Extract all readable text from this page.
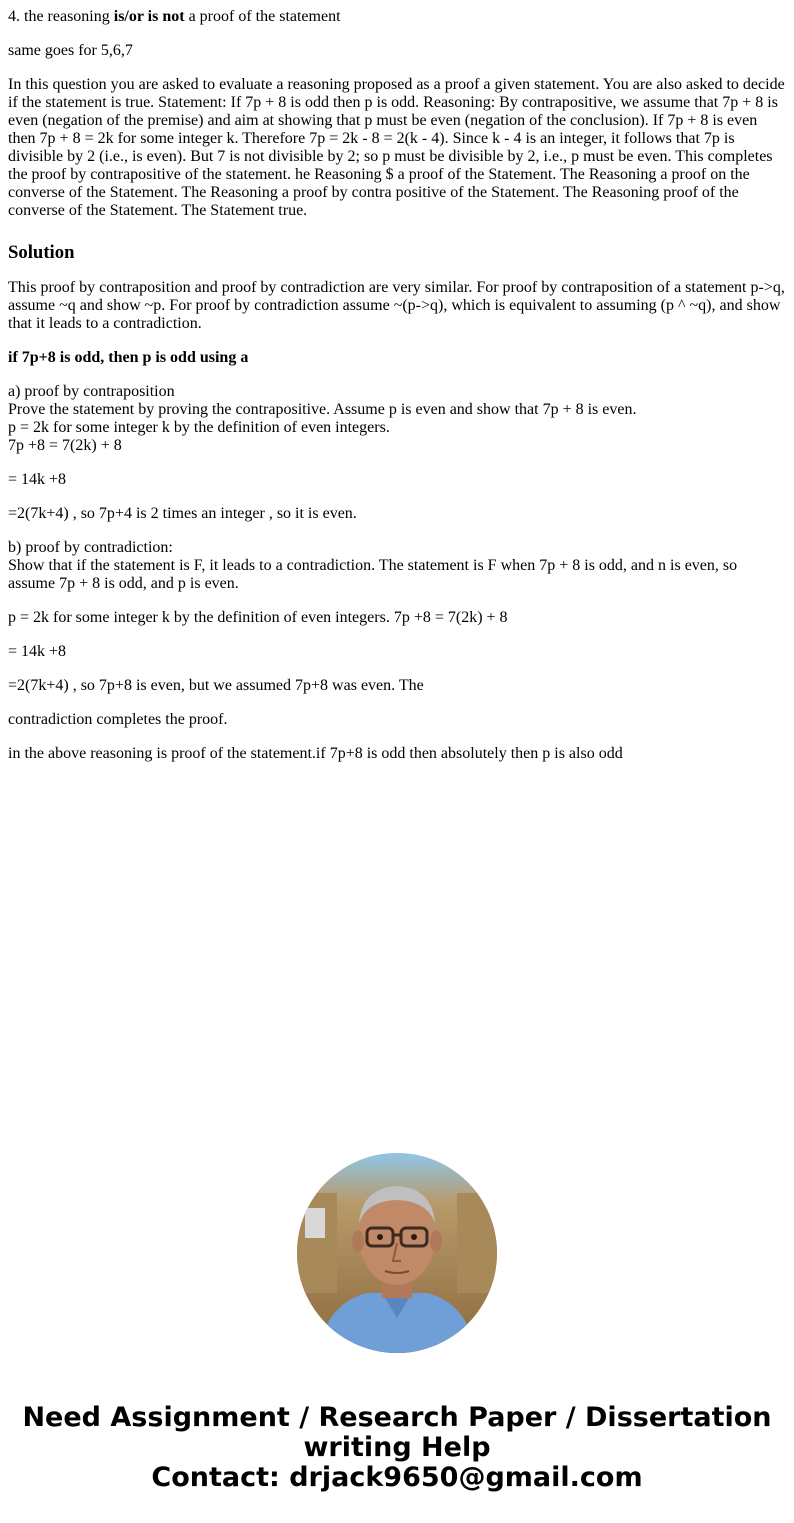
4. the reasoning is/or is not a proof of the statement

same goes for 5,6,7

In this question you are asked to evaluate a reasoning proposed as a proof a given statement. You are also asked to decide if the statement is true. Statement: If 7p + 8 is odd then p is odd. Reasoning: By contrapositive, we assume that 7p + 8 is even (negation of the premise) and aim at showing that p must be even (negation of the conclusion). If 7p + 8 is even then 7p + 8 = 2k for some integer k. Therefore 7p = 2k - 8 = 2(k - 4). Since k - 4 is an integer, it follows that 7p is divisible by 2 (i.e., is even). But 7 is not divisible by 2; so p must be divisible by 2, i.e., p must be even. This completes the proof by contrapositive of the statement. he Reasoning $ a proof of the Statement. The Reasoning a proof on the converse of the Statement. The Reasoning a proof by contra positive of the Statement. The Reasoning proof of the converse of the Statement. The Statement true.

Solution

This proof by contraposition and proof by contradiction are very similar. For proof by contraposition of a statement p->q, assume ~q and show ~p. For proof by contradiction assume ~(p->q), which is equivalent to assuming (p ^ ~q), and show that it leads to a contradiction.

if 7p+8 is odd, then p is odd using a

a) proof by contraposition
Prove the statement by proving the contrapositive. Assume p is even and show that 7p + 8 is even.
p = 2k for some integer k by the definition of even integers.
7p +8 = 7(2k) + 8

= 14k +8

=2(7k+4) , so 7p+4 is 2 times an integer , so it is even.

b) proof by contradiction:
Show that if the statement is F, it leads to a contradiction. The statement is F when 7p + 8 is odd, and n is even, so assume 7p + 8 is odd, and p is even.

p = 2k for some integer k by the definition of even integers. 7p +8 = 7(2k) + 8

= 14k +8

=2(7k+4) , so 7p+8 is even, but we assumed 7p+8 was even. The

contradiction completes the proof.

in the above reasoning is proof of the statement.if 7p+8 is odd then absolutely then p is also odd

Need Assignment / Research Paper / Dissertation
writing Help
Contact: drjack9650@gmail.com
